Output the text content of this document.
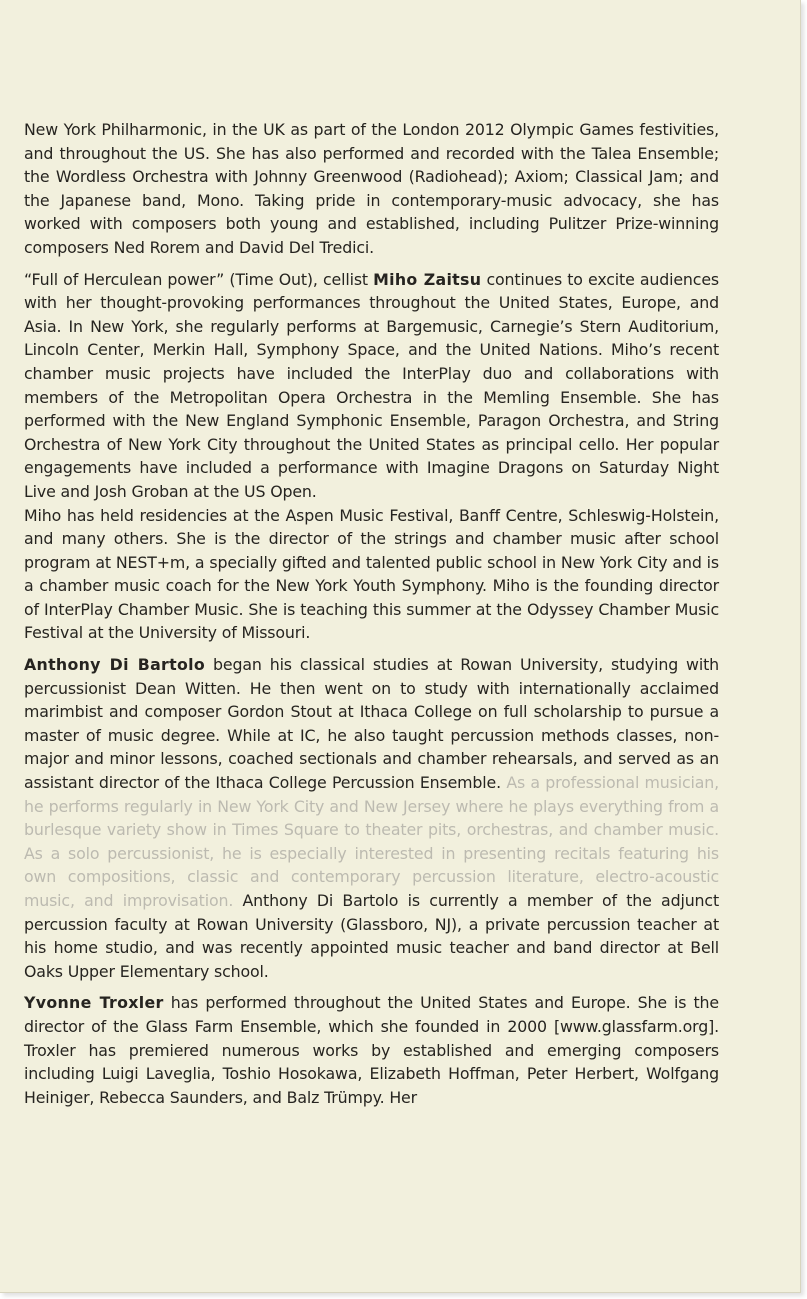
New York Philharmonic, in the UK as part of the London 2012 Olympic Games festivities, and throughout the US. She has also performed and recorded with the Talea Ensemble; the Wordless Orchestra with Johnny Greenwood (Radiohead); Axiom; Classical Jam; and the Japanese band, Mono. Taking pride in contemporary-music advocacy, she has worked with composers both young and established, including Pulitzer Prize-winning composers Ned Rorem and David Del Tredici.

“Full of Herculean power” (Time Out), cellist Miho Zaitsu continues to excite audiences with her thought-provoking performances throughout the United States, Europe, and Asia. In New York, she regularly performs at Bargemusic, Carnegie’s Stern Auditorium, Lincoln Center, Merkin Hall, Symphony Space, and the United Nations. Miho’s recent chamber music projects have included the InterPlay duo and collaborations with members of the Metropolitan Opera Orchestra in the Memling Ensemble. She has performed with the New England Symphonic Ensemble, Paragon Orchestra, and String Orchestra of New York City throughout the United States as principal cello. Her popular engagements have included a performance with Imagine Dragons on Saturday Night Live and Josh Groban at the US Open.

Miho has held residencies at the Aspen Music Festival, Banff Centre, Schleswig-Holstein, and many others. She is the director of the strings and chamber music after school program at NEST+m, a specially gifted and talented public school in New York City and is a chamber music coach for the New York Youth Symphony. Miho is the founding director of InterPlay Chamber Music. She is teaching this summer at the Odyssey Chamber Music Festival at the University of Missouri.

Anthony Di Bartolo began his classical studies at Rowan University, studying with percussionist Dean Witten. He then went on to study with internationally acclaimed marimbist and composer Gordon Stout at Ithaca College on full scholarship to pursue a master of music degree. While at IC, he also taught percussion methods classes, non-major and minor lessons, coached sectionals and chamber rehearsals, and served as an assistant director of the Ithaca College Percussion Ensemble. As a professional musician, he performs regularly in New York City and New Jersey where he plays everything from a burlesque variety show in Times Square to theater pits, orchestras, and chamber music. As a solo percussionist, he is especially interested in presenting recitals featuring his own compositions, classic and contemporary percussion literature, electro-acoustic music, and improvisation. Anthony Di Bartolo is currently a member of the adjunct percussion faculty at Rowan University (Glassboro, NJ), a private percussion teacher at his home studio, and was recently appointed music teacher and band director at Bell Oaks Upper Elementary school.

Yvonne Troxler has performed throughout the United States and Europe. She is the director of the Glass Farm Ensemble, which she founded in 2000 [www.glassfarm.org]. Troxler has premiered numerous works by established and emerging composers including Luigi Laveglia, Toshio Hosokawa, Elizabeth Hoffman, Peter Herbert, Wolfgang Heiniger, Rebecca Saunders, and Balz Trümpy. Her
